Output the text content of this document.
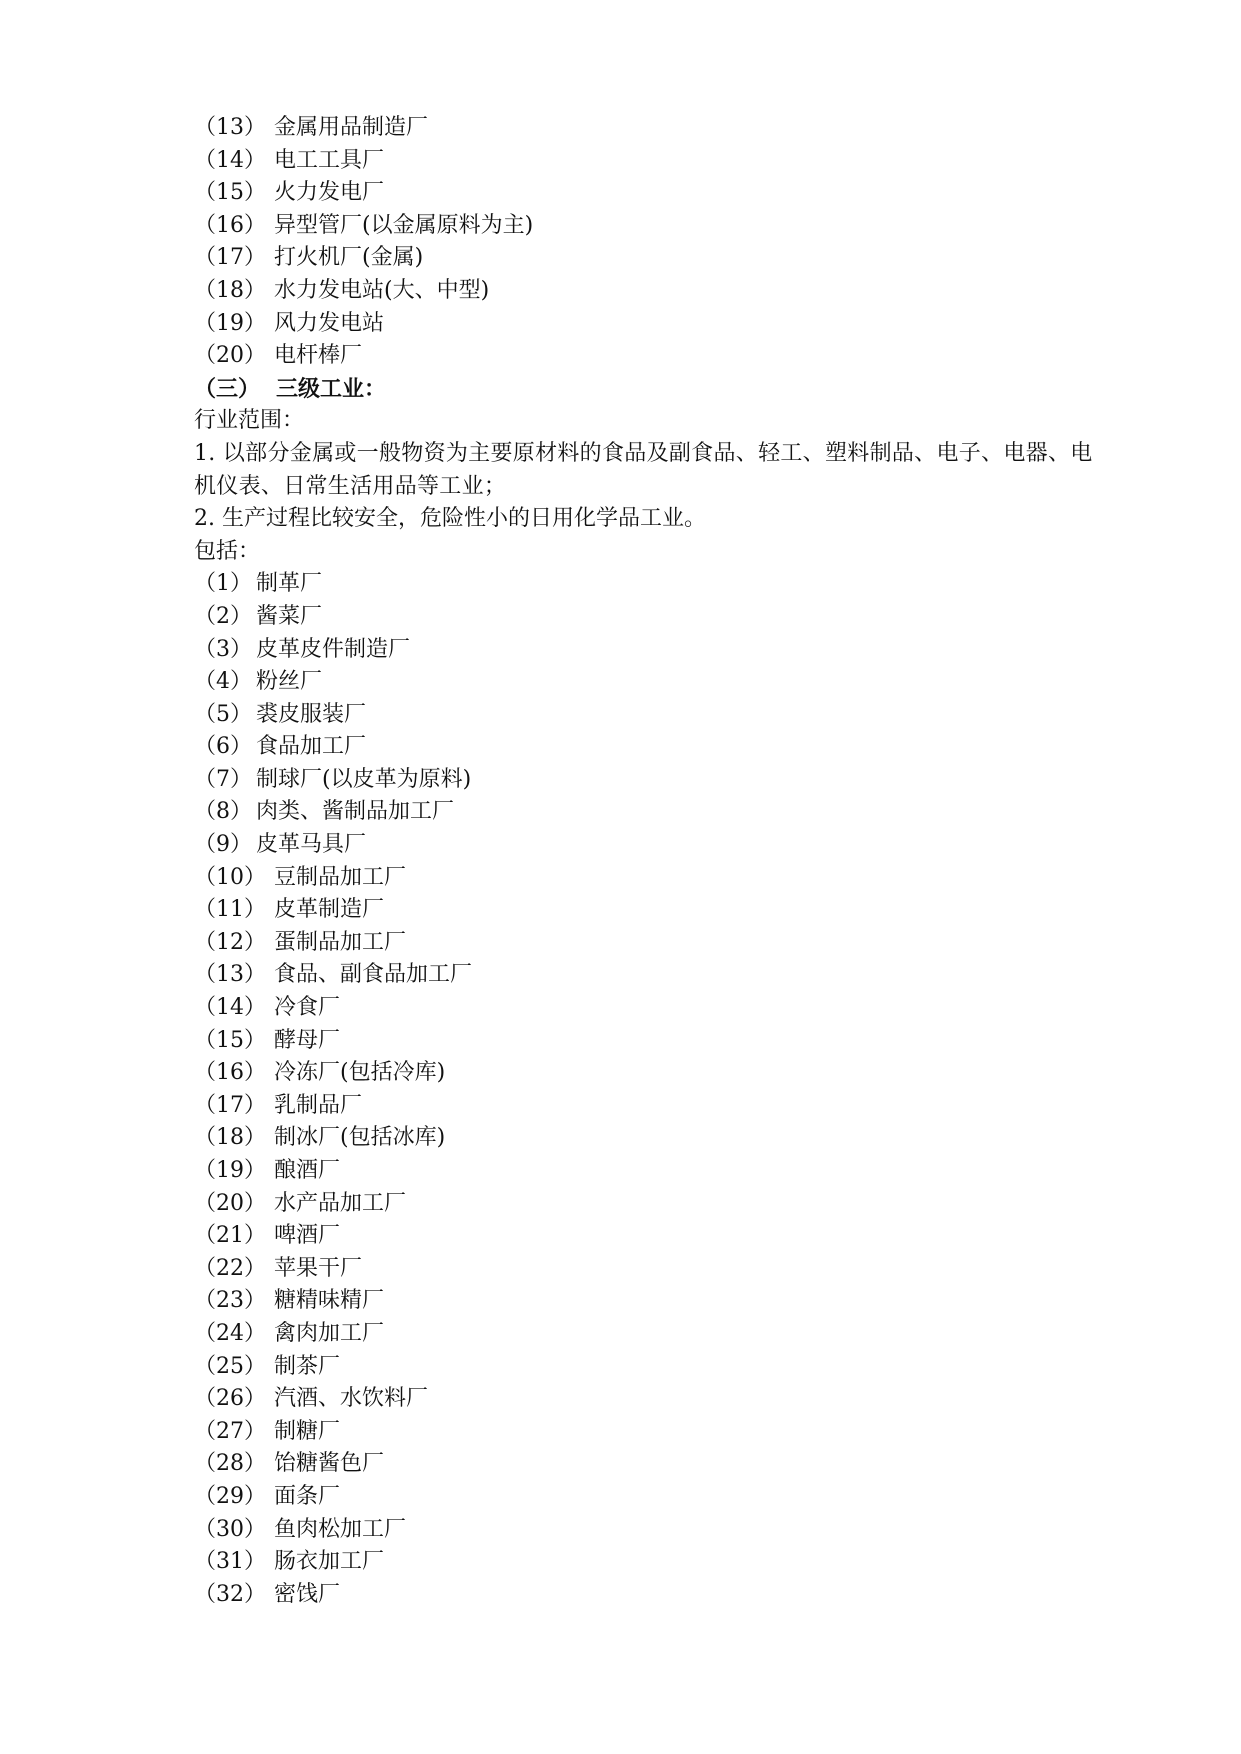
（13） 金属用品制造厂
（14） 电工工具厂
（15） 火力发电厂
（16） 异型管厂(以金属原料为主)
（17） 打火机厂(金属)
（18） 水力发电站(大、中型)
（19） 风力发电站
（20） 电杆棒厂
（三） 三级工业：
行业范围：
1. 以部分金属或一般物资为主要原材料的食品及副食品、轻工、塑料制品、电子、电器、电机仪表、日常生活用品等工业；
2. 生产过程比较安全，危险性小的日用化学品工业。
包括：
（1） 制革厂
（2） 酱菜厂
（3） 皮革皮件制造厂
（4） 粉丝厂
（5） 裘皮服装厂
（6） 食品加工厂
（7） 制球厂(以皮革为原料)
（8） 肉类、酱制品加工厂
（9） 皮革马具厂
（10） 豆制品加工厂
（11） 皮革制造厂
（12） 蛋制品加工厂
（13） 食品、副食品加工厂
（14） 冷食厂
（15） 酵母厂
（16） 冷冻厂(包括冷库)
（17） 乳制品厂
（18） 制冰厂(包括冰库)
（19） 酿酒厂
（20） 水产品加工厂
（21） 啤酒厂
（22） 苹果干厂
（23） 糖精味精厂
（24） 禽肉加工厂
（25） 制茶厂
（26） 汽酒、水饮料厂
（27） 制糖厂
（28） 饴糖酱色厂
（29） 面条厂
（30） 鱼肉松加工厂
（31） 肠衣加工厂
（32） 密饯厂
